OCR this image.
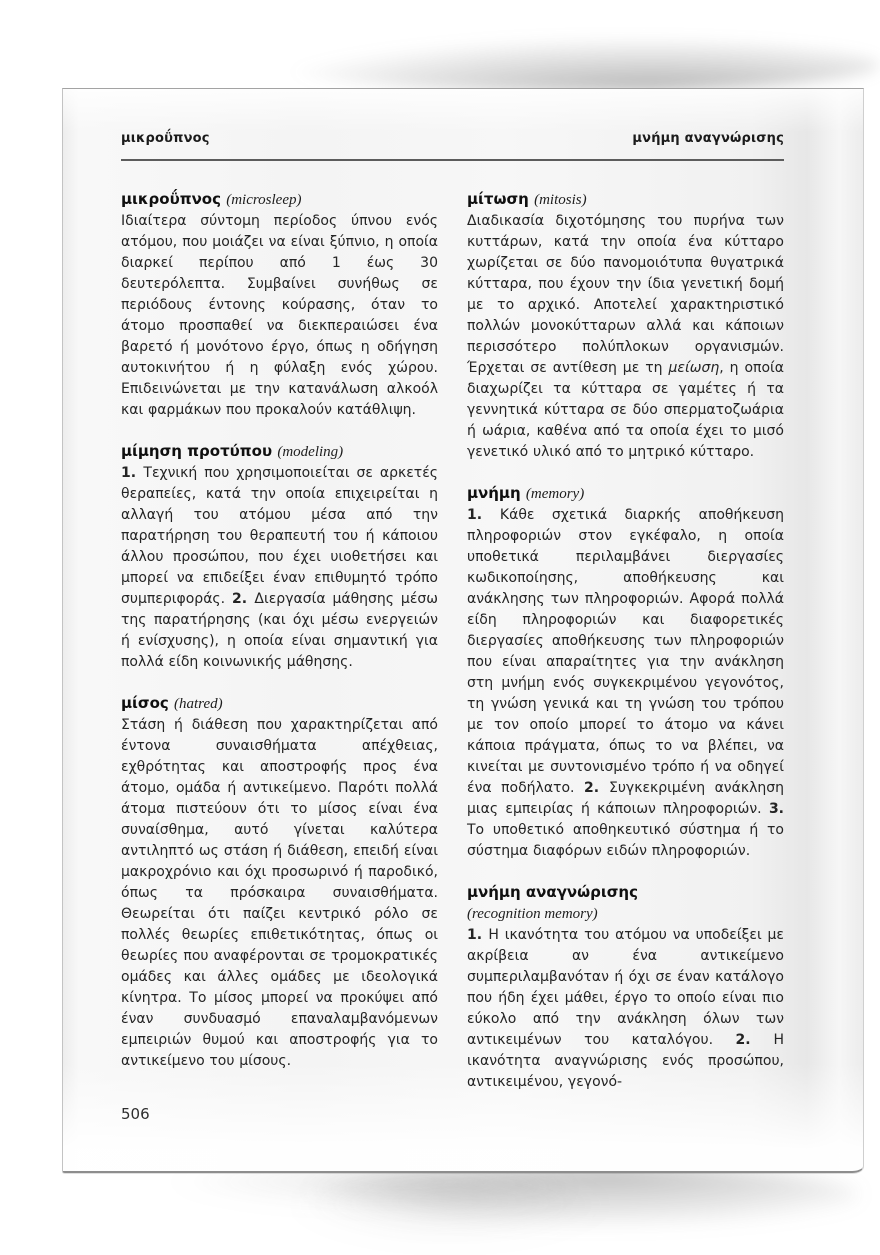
μικροΰπνος	μνήμη αναγνώρισης
μικροΰπνος (microsleep)

Ιδιαίτερα σύντομη περίοδος ύπνου ενός ατόμου, που μοιάζει να είναι ξύπνιο, η οποία διαρκεί περίπου από 1 έως 30 δευτερόλεπτα. Συμβαίνει συνήθως σε περιόδους έντονης κούρασης, όταν το άτομο προσπαθεί να διεκπεραιώσει ένα βαρετό ή μονότονο έργο, όπως η οδήγηση αυτοκινήτου ή η φύλαξη ενός χώρου. Επιδεινώνεται με την κατανάλωση αλκοόλ και φαρμάκων που προκαλούν κατάθλιψη.

μίμηση προτύπου (modeling)

1. Τεχνική που χρησιμοποιείται σε αρκετές θεραπείες, κατά την οποία επιχειρείται η αλλαγή του ατόμου μέσα από την παρατήρηση του θεραπευτή του ή κάποιου άλλου προσώπου, που έχει υιοθετήσει και μπορεί να επιδείξει έναν επιθυμητό τρόπο συμπεριφοράς. 2. Διεργασία μάθησης μέσω της παρατήρησης (και όχι μέσω ενεργειών ή ενίσχυσης), η οποία είναι σημαντική για πολλά είδη κοινωνικής μάθησης.

μίσος (hatred)

Στάση ή διάθεση που χαρακτηρίζεται από έντονα συναισθήματα απέχθειας, εχθρότητας και αποστροφής προς ένα άτομο, ομάδα ή αντικείμενο. Παρότι πολλά άτομα πιστεύουν ότι το μίσος είναι ένα συναίσθημα, αυτό γίνεται καλύτερα αντιληπτό ως στάση ή διάθεση, επειδή είναι μακροχρόνιο και όχι προσωρινό ή παροδικό, όπως τα πρόσκαιρα συναισθήματα. Θεωρείται ότι παίζει κεντρικό ρόλο σε πολλές θεωρίες επιθετικότητας, όπως οι θεωρίες που αναφέρονται σε τρομοκρατικές ομάδες και άλλες ομάδες με ιδεολογικά κίνητρα. Το μίσος μπορεί να προκύψει από έναν συνδυασμό επαναλαμβανόμενων εμπειριών θυμού και αποστροφής για το αντικείμενο του μίσους.

μίτωση (mitosis)

Διαδικασία διχοτόμησης του πυρήνα των κυττάρων, κατά την οποία ένα κύτταρο χωρίζεται σε δύο πανομοιότυπα θυγατρικά κύτταρα, που έχουν την ίδια γενετική δομή με το αρχικό. Αποτελεί χαρακτηριστικό πολλών μονοκύτταρων αλλά και κάποιων περισσότερο πολύπλοκων οργανισμών. Έρχεται σε αντίθεση με τη μείωση, η οποία διαχωρίζει τα κύτταρα σε γαμέτες ή τα γεννητικά κύτταρα σε δύο σπερματοζωάρια ή ωάρια, καθένα από τα οποία έχει το μισό γενετικό υλικό από το μητρικό κύτταρο.

μνήμη (memory)

1. Κάθε σχετικά διαρκής αποθήκευση πληροφοριών στον εγκέφαλο, η οποία υποθετικά περιλαμβάνει διεργασίες κωδικοποίησης, αποθήκευσης και ανάκλησης των πληροφοριών. Αφορά πολλά είδη πληροφοριών και διαφορετικές διεργασίες αποθήκευσης των πληροφοριών που είναι απαραίτητες για την ανάκληση στη μνήμη ενός συγκεκριμένου γεγονότος, τη γνώση γενικά και τη γνώση του τρόπου με τον οποίο μπορεί το άτομο να κάνει κάποια πράγματα, όπως το να βλέπει, να κινείται με συντονισμένο τρόπο ή να οδηγεί ένα ποδήλατο. 2. Συγκεκριμένη ανάκληση μιας εμπειρίας ή κάποιων πληροφοριών. 3. Το υποθετικό αποθηκευτικό σύστημα ή το σύστημα διαφόρων ειδών πληροφοριών.

μνήμη αναγνώρισης
(recognition memory)

1. Η ικανότητα του ατόμου να υποδείξει με ακρίβεια αν ένα αντικείμενο συμπεριλαμβανόταν ή όχι σε έναν κατάλογο που ήδη έχει μάθει, έργο το οποίο είναι πιο εύκολο από την ανάκληση όλων των αντικειμένων του καταλόγου. 2. Η ικανότητα αναγνώρισης ενός προσώπου, αντικειμένου, γεγονό-

506
